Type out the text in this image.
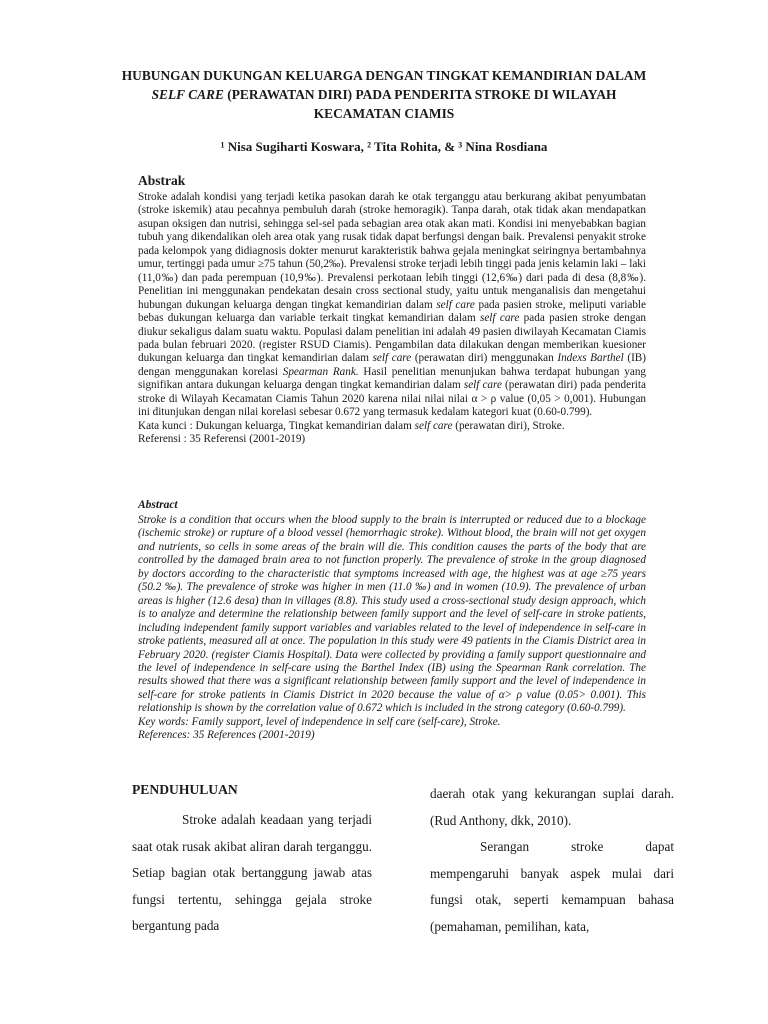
HUBUNGAN DUKUNGAN KELUARGA DENGAN TINGKAT KEMANDIRIAN DALAM
SELF CARE (PERAWATAN DIRI) PADA PENDERITA STROKE DI WILAYAH
KECAMATAN CIAMIS
¹ Nisa Sugiharti Koswara, ² Tita Rohita, & ³ Nina Rosdiana
Abstrak

Stroke adalah kondisi yang terjadi ketika pasokan darah ke otak terganggu atau berkurang akibat penyumbatan (stroke iskemik) atau pecahnya pembuluh darah (stroke hemoragik). Tanpa darah, otak tidak akan mendapatkan asupan oksigen dan nutrisi, sehingga sel-sel pada sebagian area otak akan mati. Kondisi ini menyebabkan bagian tubuh yang dikendalikan oleh area otak yang rusak tidak dapat berfungsi dengan baik. Prevalensi penyakit stroke pada kelompok yang didiagnosis dokter menurut karakteristik bahwa gejala meningkat seiringnya bertambahnya umur, tertinggi pada umur ≥75 tahun (50,2‰). Prevalensi stroke terjadi lebih tinggi pada jenis kelamin laki – laki (11,0‰) dan pada perempuan (10,9‰). Prevalensi perkotaan lebih tinggi (12,6‰) dari pada di desa (8,8‰). Penelitian ini menggunakan pendekatan desain cross sectional study, yaitu untuk menganalisis dan mengetahui hubungan dukungan keluarga dengan tingkat kemandirian dalam self care pada pasien stroke, meliputi variable bebas dukungan keluarga dan variable terkait tingkat kemandirian dalam self care pada pasien stroke dengan diukur sekaligus dalam suatu waktu. Populasi dalam penelitian ini adalah 49 pasien diwilayah Kecamatan Ciamis pada bulan februari 2020. (register RSUD Ciamis). Pengambilan data dilakukan dengan memberikan kuesioner dukungan keluarga dan tingkat kemandirian dalam self care (perawatan diri) menggunakan Indexs Barthel (IB) dengan menggunakan korelasi Spearman Rank. Hasil penelitian menunjukan bahwa terdapat hubungan yang signifikan antara dukungan keluarga dengan tingkat kemandirian dalam self care (perawatan diri) pada penderita stroke di Wilayah Kecamatan Ciamis Tahun 2020 karena nilai nilai nilai α > ρ value (0,05 > 0,001). Hubungan ini ditunjukan dengan nilai korelasi sebesar 0.672 yang termasuk kedalam kategori kuat (0.60-0.799).

Kata kunci : Dukungan keluarga, Tingkat kemandirian dalam self care (perawatan diri), Stroke.

Referensi : 35 Referensi (2001-2019)

Abstract

Stroke is a condition that occurs when the blood supply to the brain is interrupted or reduced due to a blockage (ischemic stroke) or rupture of a blood vessel (hemorrhagic stroke). Without blood, the brain will not get oxygen and nutrients, so cells in some areas of the brain will die. This condition causes the parts of the body that are controlled by the damaged brain area to not function properly. The prevalence of stroke in the group diagnosed by doctors according to the characteristic that symptoms increased with age, the highest was at age ≥75 years (50.2 ‰). The prevalence of stroke was higher in men (11.0 ‰) and in women (10.9). The prevalence of urban areas is higher (12.6 desa) than in villages (8.8). This study used a cross-sectional study design approach, which is to analyze and determine the relationship between family support and the level of self-care in stroke patients, including independent family support variables and variables related to the level of independence in self-care in stroke patients, measured all at once. The population in this study were 49 patients in the Ciamis District area in February 2020. (register Ciamis Hospital). Data were collected by providing a family support questionnaire and the level of independence in self-care using the Barthel Index (IB) using the Spearman Rank correlation. The results showed that there was a significant relationship between family support and the level of independence in self-care for stroke patients in Ciamis District in 2020 because the value of α> ρ value (0.05> 0.001). This relationship is shown by the correlation value of 0.672 which is included in the strong category (0.60-0.799).

Key words: Family support, level of independence in self care (self-care), Stroke.

References: 35 References (2001-2019)

PENDUHULUAN

Stroke adalah keadaan yang terjadi saat otak rusak akibat aliran darah terganggu. Setiap bagian otak bertanggung jawab atas fungsi tertentu, sehingga gejala stroke bergantung pada

daerah otak yang kekurangan suplai darah. (Rud Anthony, dkk, 2010).

Serangan stroke dapat mempengaruhi banyak aspek mulai dari fungsi otak, seperti kemampuan bahasa (pemahaman, pemilihan, kata,
